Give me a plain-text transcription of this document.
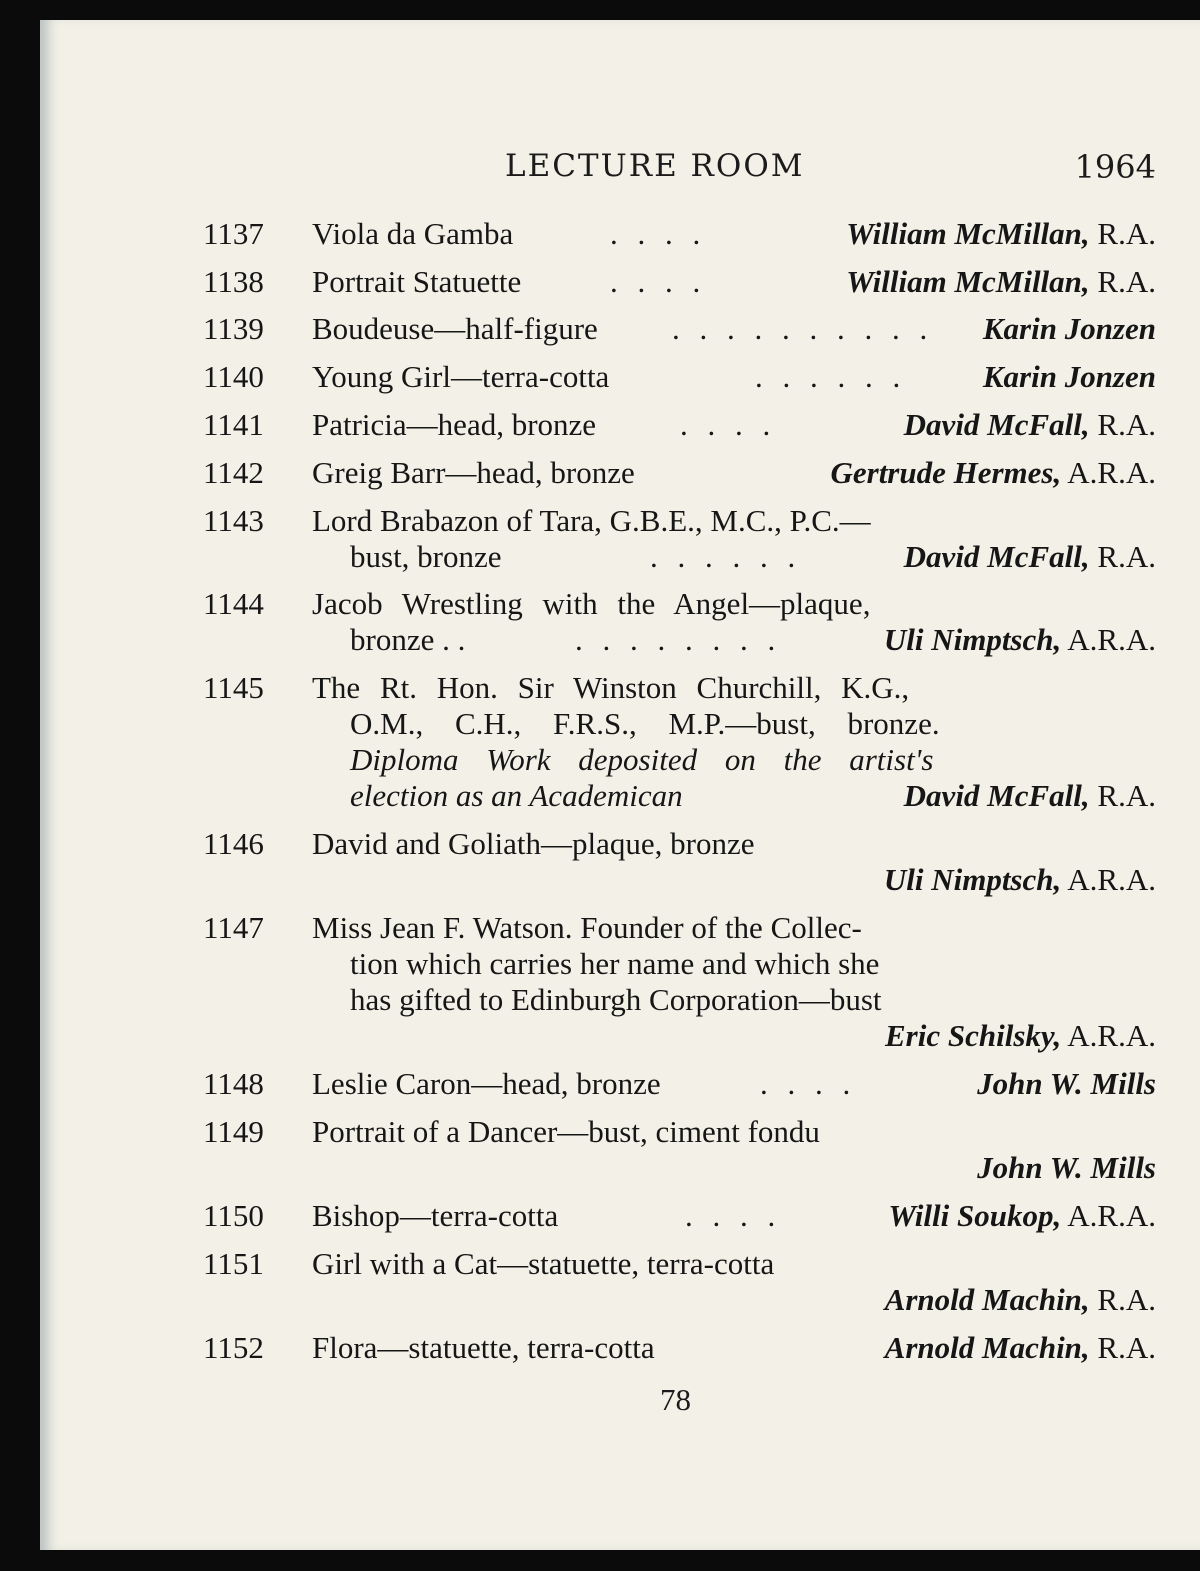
LECTURE ROOM	1964
1137	Viola da Gamba	. . . .	William McMillan, R.A.
1138	Portrait Statuette	. . . .	William McMillan, R.A.
1139	Boudeuse—half-figure . . . . . . . . . . Karin Jonzen
1140	Young Girl—terra-cotta	. . . . . . Karin Jonzen
1141	Patricia—head, bronze	. . . .	David McFall, R.A.
1142	Greig Barr—head, bronze	Gertrude Hermes, A.R.A.
1143	Lord Brabazon of Tara, G.B.E., M.C., P.C.—
bust, bronze	. . . . . .	David McFall, R.A.
1144	Jacob Wrestling with the Angel—plaque,
bronze . .	. . . . . . . .	Uli Nimptsch, A.R.A.
1145	The Rt. Hon. Sir Winston Churchill, K.G.,
O.M., C.H., F.R.S., M.P.—bust, bronze.
Diploma Work deposited on the artist's
election as an Academican	David McFall, R.A.
1146	David and Goliath—plaque, bronze
Uli Nimptsch, A.R.A.
1147	Miss Jean F. Watson. Founder of the Collec-
tion which carries her name and which she
has gifted to Edinburgh Corporation—bust
Eric Schilsky, A.R.A.
1148	Leslie Caron—head, bronze	. . . .	John W. Mills
1149	Portrait of a Dancer—bust, ciment fondu
John W. Mills
1150	Bishop—terra-cotta	. . . .	Willi Soukop, A.R.A.
1151	Girl with a Cat—statuette, terra-cotta
Arnold Machin, R.A.
1152	Flora—statuette, terra-cotta	Arnold Machin, R.A.
78
